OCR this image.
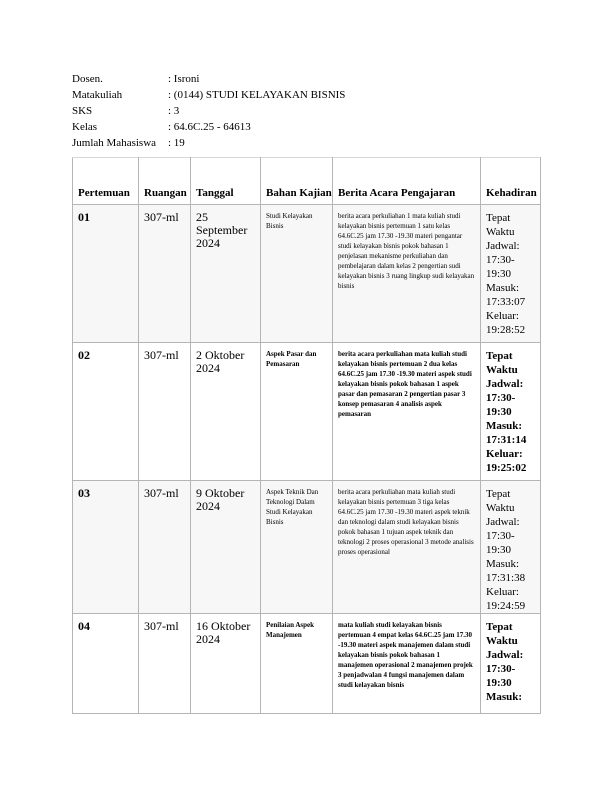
Dosen.	: Isroni
Matakuliah	: (0144) STUDI KELAYAKAN BISNIS
SKS	: 3
Kelas	: 64.6C.25 - 64613
Jumlah Mahasiswa	: 19
Pertemuan	Ruangan	Tanggal	Bahan Kajian	Berita Acara Pengajaran	Kehadiran

01	307-ml	25 September 2024	Studi Kelayakan Bisnis	berita acara perkuliahan 1 mata kuliah studi kelayakan bisnis pertemuan 1 satu kelas 64.6C.25 jam 17.30 -19.30 materi pengantar studi kelayakan bisnis pokok bahasan 1 penjelasan mekanisme perkuliahan dan pembelajaran dalam kelas 2 pengertian sudi kelayakan bisnis 3 ruang lingkup sudi kelayakan bisnis	Tepat Waktu Jadwal: 17:30-19:30 Masuk: 17:33:07 Keluar: 19:28:52

02	307-ml	2 Oktober 2024	Aspek Pasar dan Pemasaran	berita acara perkuliahan mata kuliah studi kelayakan bisnis pertemuan 2 dua kelas 64.6C.25 jam 17.30 -19.30 materi aspek studi kelayakan bisnis pokok bahasan 1 aspek pasar dan pemasaran 2 pengertian pasar 3 konsep pemasaran 4 analisis aspek pemasaran	Tepat Waktu Jadwal: 17:30-19:30 Masuk: 17:31:14 Keluar: 19:25:02

03	307-ml	9 Oktober 2024	Aspek Teknik Dan Teknologi Dalam Studi Kelayakan Bisnis	berita acara perkuliahan mata kuliah studi kelayakan bisnis pertemuan 3 tiga kelas 64.6C.25 jam 17.30 -19.30 materi aspek teknik dan teknologi dalam studi kelayakan bisnis pokok bahasan 1 tujuan aspek teknik dan teknologi 2 proses operasional 3 metode analisis proses operasional	Tepat Waktu Jadwal: 17:30-19:30 Masuk: 17:31:38 Keluar: 19:24:59

04	307-ml	16 Oktober 2024	Penilaian Aspek Manajemen	mata kuliah studi kelayakan bisnis pertemuan 4 empat kelas 64.6C.25 jam 17.30 -19.30 materi aspek manajemen dalam studi kelayakan bisnis pokok bahasan 1 manajemen operasional 2 manajemen projek 3 penjadwalan 4 fungsi manajemen dalam studi kelayakan bisnis	Tepat Waktu Jadwal: 17:30-19:30 Masuk:
